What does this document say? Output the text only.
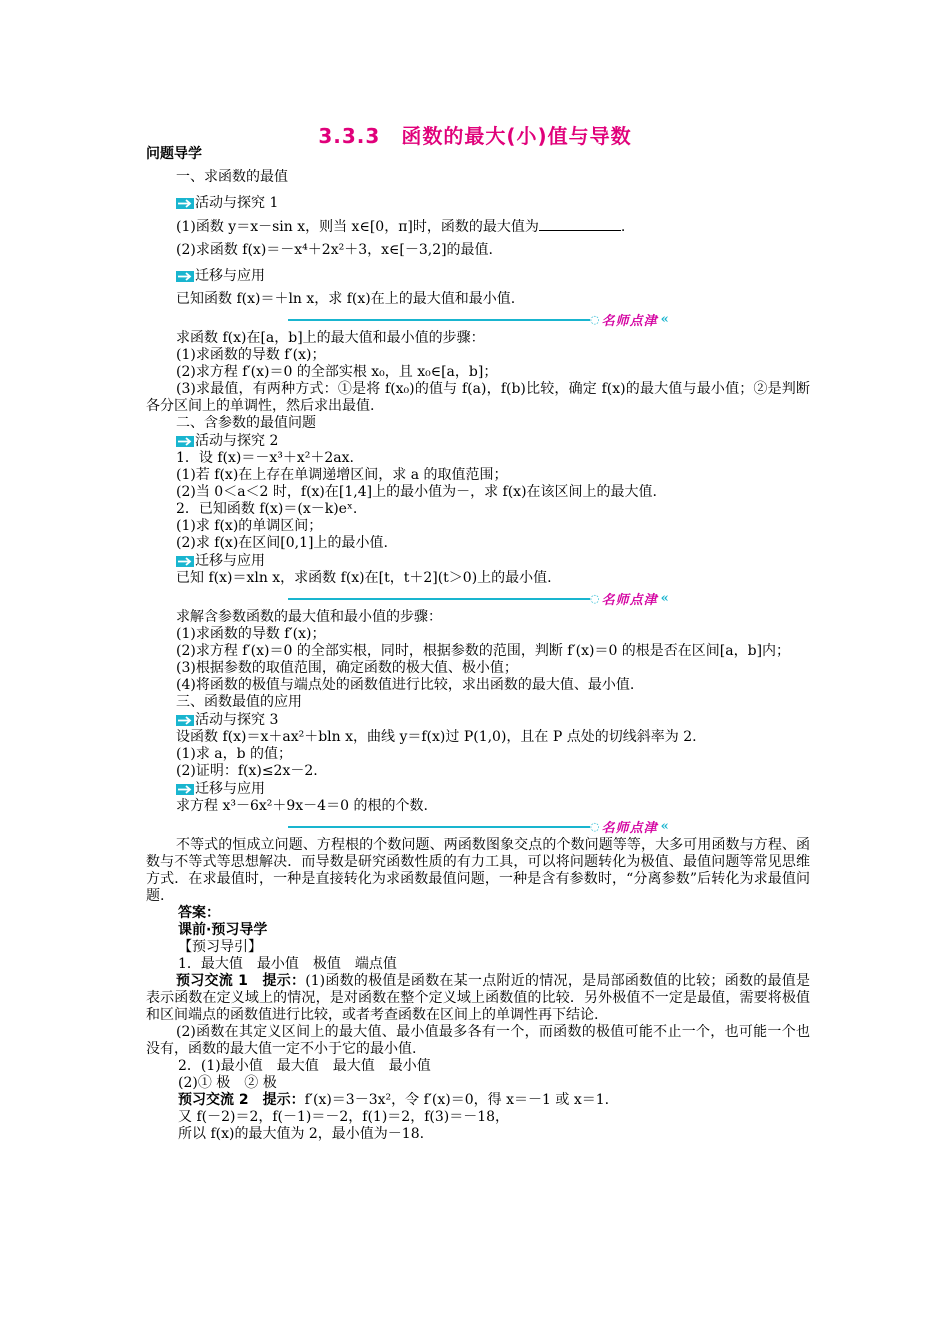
3.3.3　函数的最大(小)值与导数
问题导学
一、求函数的最值
活动与探究 1
(1)函数 y＝x－sin x，则当 x∈[0，π]时，函数的最大值为	.
(2)求函数 f(x)＝－x⁴＋2x²＋3，x∈[－3,2]的最值.
迁移与应用
已知函数 f(x)＝＋ln x，求 f(x)在上的最大值和最小值.
◌ 名师点津 «
求函数 f(x)在[a，b]上的最大值和最小值的步骤：
(1)求函数的导数 f′(x)；
(2)求方程 f′(x)＝0 的全部实根 x₀，且 x₀∈[a，b]；
(3)求最值，有两种方式：①是将 f(x₀)的值与 f(a)，f(b)比较，确定 f(x)的最大值与最小值；②是判断各分区间上的单调性，然后求出最值.
二、含参数的最值问题
活动与探究 2
1．设 f(x)＝－x³＋x²＋2ax.
(1)若 f(x)在上存在单调递增区间，求 a 的取值范围；
(2)当 0＜a＜2 时，f(x)在[1,4]上的最小值为－，求 f(x)在该区间上的最大值.
2．已知函数 f(x)＝(x－k)eˣ.
(1)求 f(x)的单调区间；
(2)求 f(x)在区间[0,1]上的最小值.
迁移与应用
已知 f(x)＝xln x，求函数 f(x)在[t，t＋2](t＞0)上的最小值.
◌ 名师点津 «
求解含参数函数的最大值和最小值的步骤：
(1)求函数的导数 f′(x)；
(2)求方程 f′(x)＝0 的全部实根，同时，根据参数的范围，判断 f′(x)＝0 的根是否在区间[a，b]内；
(3)根据参数的取值范围，确定函数的极大值、极小值；
(4)将函数的极值与端点处的函数值进行比较，求出函数的最大值、最小值.
三、函数最值的应用
活动与探究 3
设函数 f(x)＝x＋ax²＋bln x，曲线 y＝f(x)过 P(1,0)，且在 P 点处的切线斜率为 2.
(1)求 a，b 的值；
(2)证明：f(x)≤2x－2.
迁移与应用
求方程 x³－6x²＋9x－4＝0 的根的个数.
◌ 名师点津 «
不等式的恒成立问题、方程根的个数问题、两函数图象交点的个数问题等等，大多可用函数与方程、函数与不等式等思想解决．而导数是研究函数性质的有力工具，可以将问题转化为极值、最值问题等常见思维方式．在求最值时，一种是直接转化为求函数最值问题，一种是含有参数时，“分离参数”后转化为求最值问题.
答案：
课前·预习导学
【预习导引】
1．最大值　最小值　极值　端点值
预习交流 1　 提示：(1)函数的极值是函数在某一点附近的情况，是局部函数值的比较；函数的最值是表示函数在定义域上的情况，是对函数在整个定义域上函数值的比较．另外极值不一定是最值，需要将极值和区间端点的函数值进行比较，或者考查函数在区间上的单调性再下结论.
(2)函数在其定义区间上的最大值、最小值最多各有一个，而函数的极值可能不止一个，也可能一个也没有，函数的最大值一定不小于它的最小值.
2．(1)最小值　最大值　最大值　最小值
(2)① 极　② 极
预习交流 2　 提示：f′(x)＝3－3x²，令 f′(x)＝0，得 x＝－1 或 x＝1.
又 f(－2)＝2，f(－1)＝－2，f(1)＝2，f(3)＝－18，
所以 f(x)的最大值为 2，最小值为－18.
